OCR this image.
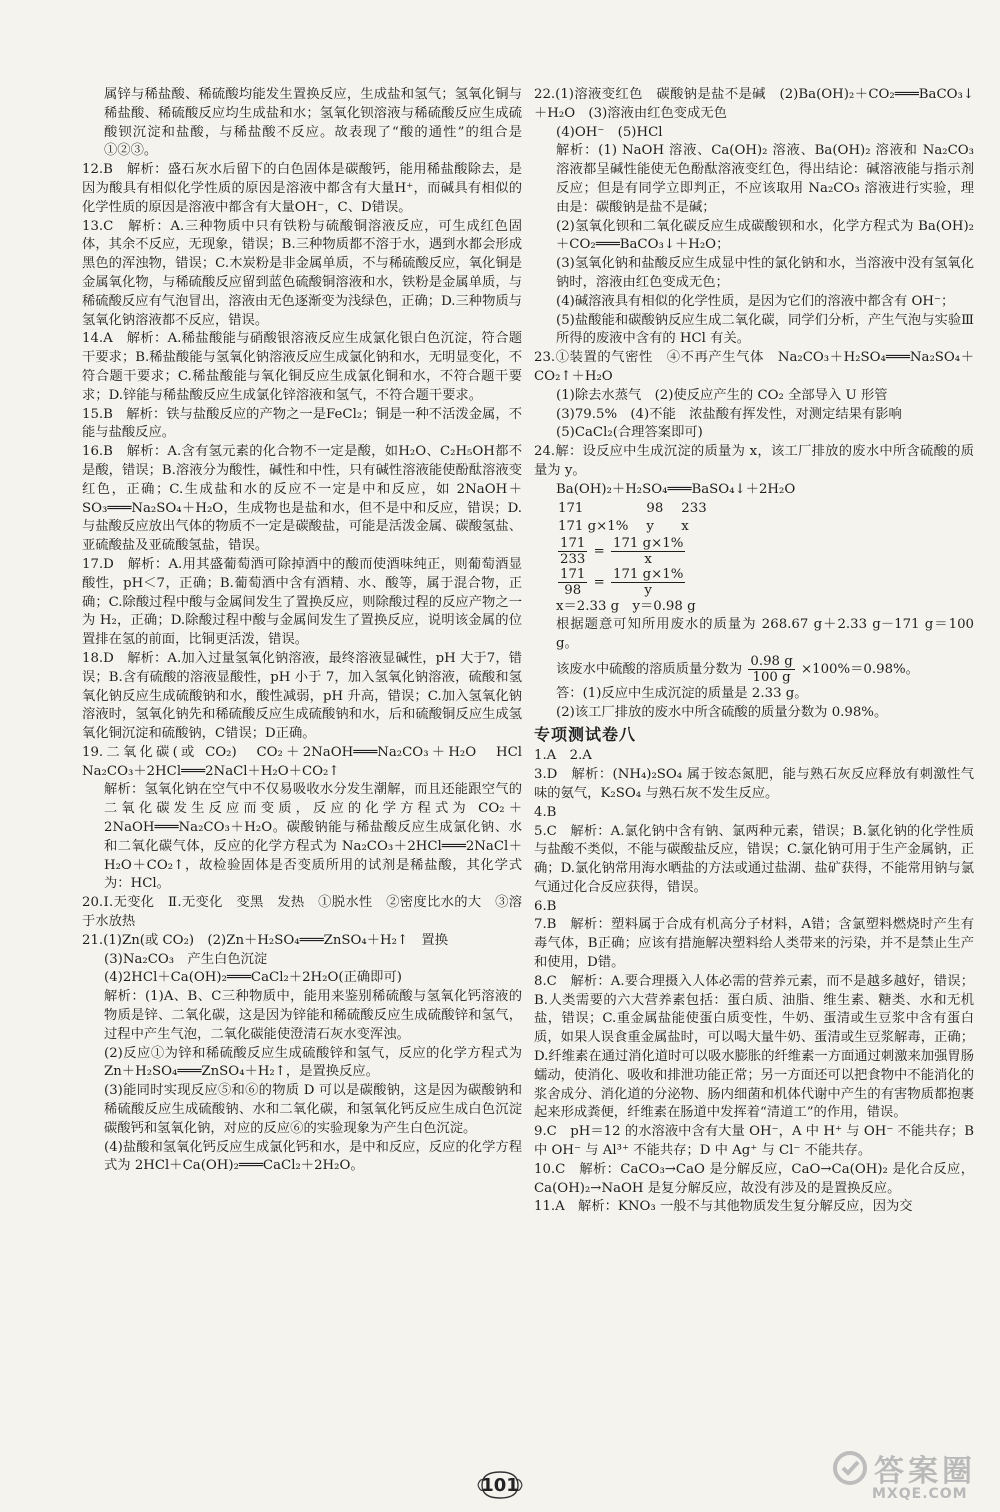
属锌与稀盐酸、稀硫酸均能发生置换反应，生成盐和氢气；氢氧化铜与稀盐酸、稀硫酸反应均生成盐和水；氢氧化钡溶液与稀硫酸反应生成硫酸钡沉淀和盐酸，与稀盐酸不反应。故表现了“酸的通性”的组合是①②③。

12.B　解析：盛石灰水后留下的白色固体是碳酸钙，能用稀盐酸除去，是因为酸具有相似化学性质的原因是溶液中都含有大量H⁺，而碱具有相似的化学性质的原因是溶液中都含有大量OH⁻，C、D错误。

13.C　解析：A.三种物质中只有铁粉与硫酸铜溶液反应，可生成红色固体，其余不反应，无现象，错误；B.三种物质都不溶于水，遇到水都会形成黑色的浑浊物，错误；C.木炭粉是非金属单质，不与稀硫酸反应，氧化铜是金属氧化物，与稀硫酸反应留到蓝色硫酸铜溶液和水，铁粉是金属单质，与稀硫酸反应有气泡冒出，溶液由无色逐渐变为浅绿色，正确；D.三种物质与氢氧化钠溶液都不反应，错误。

14.A　解析：A.稀盐酸能与硝酸银溶液反应生成氯化银白色沉淀，符合题干要求；B.稀盐酸能与氢氧化钠溶液反应生成氯化钠和水，无明显变化，不符合题干要求；C.稀盐酸能与氧化铜反应生成氯化铜和水，不符合题干要求；D.锌能与稀盐酸反应生成氯化锌溶液和氢气，不符合题干要求。

15.B　解析：铁与盐酸反应的产物之一是FeCl₂；铜是一种不活泼金属，不能与盐酸反应。

16.B　解析：A.含有氢元素的化合物不一定是酸，如H₂O、C₂H₅OH都不是酸，错误；B.溶液分为酸性，碱性和中性，只有碱性溶液能使酚酞溶液变红色，正确；C.生成盐和水的反应不一定是中和反应，如 2NaOH＋SO₃═══Na₂SO₄＋H₂O，生成物也是盐和水，但不是中和反应，错误；D.与盐酸反应放出气体的物质不一定是碳酸盐，可能是活泼金属、碳酸氢盐、亚硫酸盐及亚硫酸氢盐，错误。

17.D　解析：A.用其盛葡萄酒可除掉酒中的酸而使酒味纯正，则葡萄酒显酸性，pH＜7，正确；B.葡萄酒中含有酒精、水、酸等，属于混合物，正确；C.除酸过程中酸与金属间发生了置换反应，则除酸过程的反应产物之一为 H₂，正确；D.除酸过程中酸与金属间发生了置换反应，说明该金属的位置排在氢的前面，比铜更活泼，错误。

18.D　解析：A.加入过量氢氧化钠溶液，最终溶液显碱性，pH 大于7，错误；B.含有硫酸的溶液显酸性，pH 小于 7，加入氢氧化钠溶液，硫酸和氢氧化钠反应生成硫酸钠和水，酸性减弱，pH 升高，错误；C.加入氢氧化钠溶液时，氢氧化钠先和稀硫酸反应生成硫酸钠和水，后和硫酸铜反应生成氢氧化铜沉淀和硫酸钠，C错误；D正确。

19.二氧化碳(或 CO₂)　CO₂＋2NaOH═══Na₂CO₃＋H₂O　HCl　Na₂CO₃＋2HCl═══2NaCl＋H₂O＋CO₂↑

解析：氢氧化钠在空气中不仅易吸收水分发生潮解，而且还能跟空气的二氧化碳发生反应而变质，反应的化学方程式为 CO₂＋2NaOH═══Na₂CO₃＋H₂O。碳酸钠能与稀盐酸反应生成氯化钠、水和二氧化碳气体，反应的化学方程式为 Na₂CO₃＋2HCl═══2NaCl＋H₂O＋CO₂↑，故检验固体是否变质所用的试剂是稀盐酸，其化学式为：HCl。

20.Ⅰ.无变化　Ⅱ.无变化　变黑　发热　①脱水性　②密度比水的大　③溶于水放热

21.(1)Zn(或 CO₂)　(2)Zn＋H₂SO₄═══ZnSO₄＋H₂↑　置换

(3)Na₂CO₃　产生白色沉淀

(4)2HCl＋Ca(OH)₂═══CaCl₂＋2H₂O(正确即可)

解析：(1)A、B、C三种物质中，能用来鉴别稀硫酸与氢氧化钙溶液的物质是锌、二氧化碳，这是因为锌能和稀硫酸反应生成硫酸锌和氢气，过程中产生气泡，二氧化碳能使澄清石灰水变浑浊。

(2)反应①为锌和稀硫酸反应生成硫酸锌和氢气，反应的化学方程式为 Zn＋H₂SO₄═══ZnSO₄＋H₂↑，是置换反应。

(3)能同时实现反应⑤和⑥的物质 D 可以是碳酸钠，这是因为碳酸钠和稀硫酸反应生成硫酸钠、水和二氧化碳，和氢氧化钙反应生成白色沉淀碳酸钙和氢氧化钠，对应的反应⑥的实验现象为产生白色沉淀。

(4)盐酸和氢氧化钙反应生成氯化钙和水，是中和反应，反应的化学方程式为 2HCl＋Ca(OH)₂═══CaCl₂＋2H₂O。

22.(1)溶液变红色　碳酸钠是盐不是碱　(2)Ba(OH)₂＋CO₂═══BaCO₃↓＋H₂O　(3)溶液由红色变成无色

(4)OH⁻　(5)HCl

解析：(1) NaOH 溶液、Ca(OH)₂ 溶液、Ba(OH)₂ 溶液和 Na₂CO₃ 溶液都呈碱性能使无色酚酞溶液变红色，得出结论：碱溶液能与指示剂反应；但是有同学立即判正，不应该取用 Na₂CO₃ 溶液进行实验，理由是：碳酸钠是盐不是碱；

(2)氢氧化钡和二氧化碳反应生成碳酸钡和水，化学方程式为 Ba(OH)₂＋CO₂═══BaCO₃↓＋H₂O；

(3)氢氧化钠和盐酸反应生成显中性的氯化钠和水，当溶液中没有氢氧化钠时，溶液由红色变成无色；

(4)碱溶液具有相似的化学性质，是因为它们的溶液中都含有 OH⁻；

(5)盐酸能和碳酸钠反应生成二氧化碳，同学们分析，产生气泡与实验Ⅲ所得的废液中含有的 HCl 有关。

23.①装置的气密性　④不再产生气体　Na₂CO₃＋H₂SO₄═══Na₂SO₄＋CO₂↑＋H₂O

(1)除去水蒸气　(2)使反应产生的 CO₂ 全部导入 U 形管

(3)79.5%　(4)不能　浓盐酸有挥发性，对测定结果有影响

(5)CaCl₂(合理答案即可)

24.解：设反应中生成沉淀的质量为 x，该工厂排放的废水中所含硫酸的质量为 y。

Ba(OH)₂＋H₂SO₄═══BaSO₄↓＋2H₂O

171	98	233
171 g×1%	y	x

$\frac{171}{233} = \frac{171 g\times 1\%}{x}$

$\frac{171}{98} = \frac{171 g\times 1\%}{y}$

x＝2.33 g　y＝0.98 g

根据题意可知所用废水的质量为 268.67 g＋2.33 g－171 g＝100 g。

该废水中硫酸的溶质质量分数为 $\frac{0.98 g}{100 g} \times 100\%=0.98\%$。

答：(1)反应中生成沉淀的质量是 2.33 g。

(2)该工厂排放的废水中所含硫酸的质量分数为 0.98%。

专项测试卷八

1.A　2.A

3.D　解析：(NH₄)₂SO₄ 属于铵态氮肥，能与熟石灰反应释放有刺激性气味的氨气，K₂SO₄ 与熟石灰不发生反应。

4.B

5.C　解析：A.氯化钠中含有钠、氯两种元素，错误；B.氯化钠的化学性质与盐酸不类似，不能与碳酸盐反应，错误；C.氯化钠可用于生产金属钠，正确；D.氯化钠常用海水晒盐的方法或通过盐湖、盐矿获得，不能常用钠与氯气通过化合反应获得，错误。

6.B

7.B　解析：塑料属于合成有机高分子材料，A错；含氯塑料燃烧时产生有毒气体，B正确；应该有措施解决塑料给人类带来的污染，并不是禁止生产和使用，D错。

8.C　解析：A.要合理摄入人体必需的营养元素，而不是越多越好，错误；B.人类需要的六大营养素包括：蛋白质、油脂、维生素、糖类、水和无机盐，错误；C.重金属盐能使蛋白质变性，牛奶、蛋清或生豆浆中含有蛋白质，如果人误食重金属盐时，可以喝大量牛奶、蛋清或生豆浆解毒，正确；D.纤维素在通过消化道时可以吸水膨胀的纤维素一方面通过刺激来加强胃肠蠕动，使消化、吸收和排泄功能正常；另一方面还可以把食物中不能消化的浆舍成分、消化道的分泌物、肠内细菌和机体代谢中产生的有害物质都抱裹起来形成粪便，纤维素在肠道中发挥着“清道工”的作用，错误。

9.C　pH＝12 的水溶液中含有大量 OH⁻，A 中 H⁺ 与 OH⁻ 不能共存；B 中 OH⁻ 与 Al³⁺ 不能共存；D 中 Ag⁺ 与 Cl⁻ 不能共存。

10.C　解析：CaCO₃→CaO 是分解反应，CaO→Ca(OH)₂ 是化合反应，Ca(OH)₂→NaOH 是复分解反应，故没有涉及的是置换反应。

11.A　解析：KNO₃ 一般不与其他物质发生复分解反应，因为交

101	答案圈
MXQE.COM
